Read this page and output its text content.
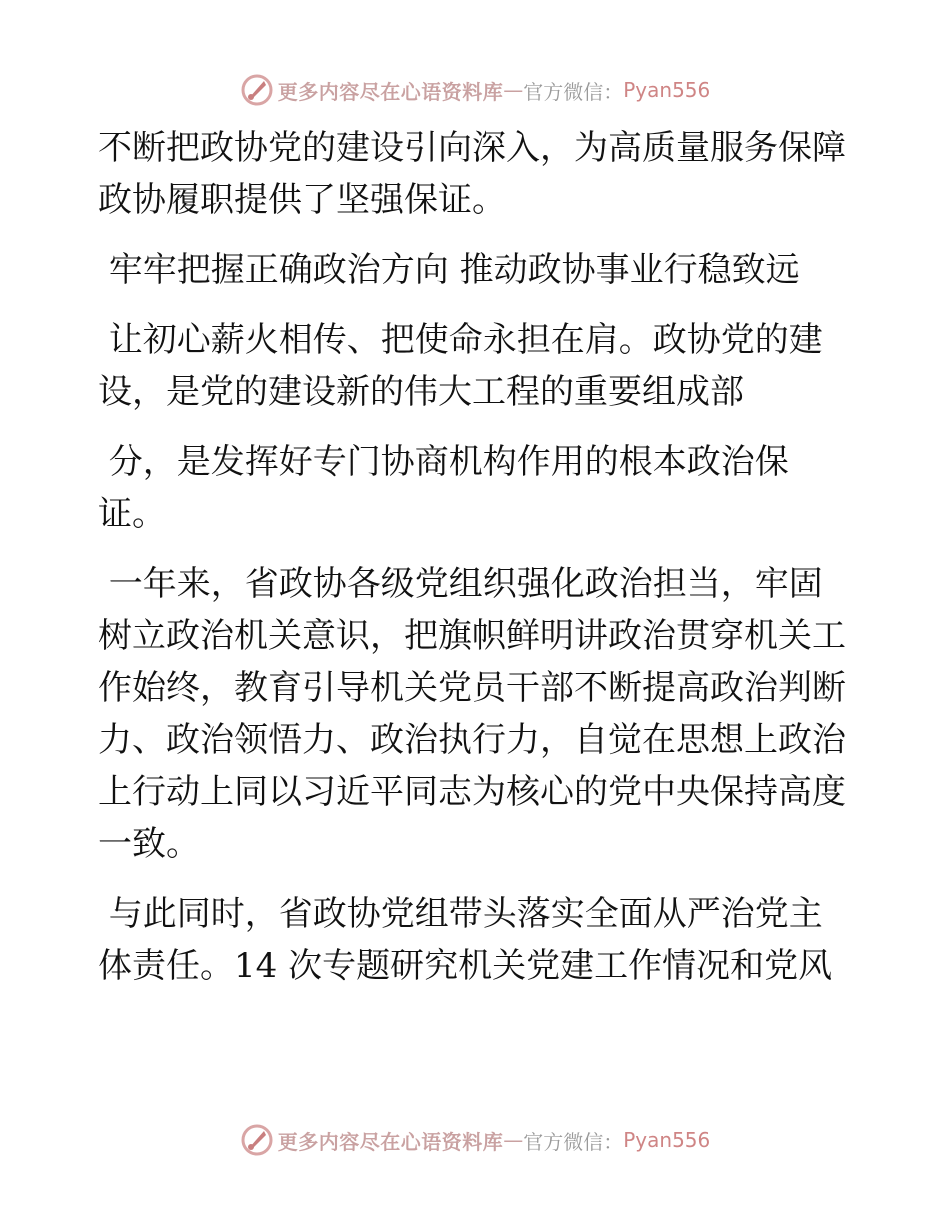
更多内容尽在心语资料库 — 官方微信： Pyan556

不断把政协党的建设引向深入，为高质量服务保障
政协履职提供了坚强保证。

牢牢把握正确政治方向 推动政协事业行稳致远

让初心薪火相传、把使命永担在肩。政协党的建
设，是党的建设新的伟大工程的重要组成部

分，是发挥好专门协商机构作用的根本政治保
证。

一年来，省政协各级党组织强化政治担当，牢固
树立政治机关意识，把旗帜鲜明讲政治贯穿机关工
作始终，教育引导机关党员干部不断提高政治判断
力、政治领悟力、政治执行力，自觉在思想上政治
上行动上同以习近平同志为核心的党中央保持高度
一致。

与此同时，省政协党组带头落实全面从严治党主
体责任。14 次专题研究机关党建工作情况和党风

更多内容尽在心语资料库 — 官方微信： Pyan556
